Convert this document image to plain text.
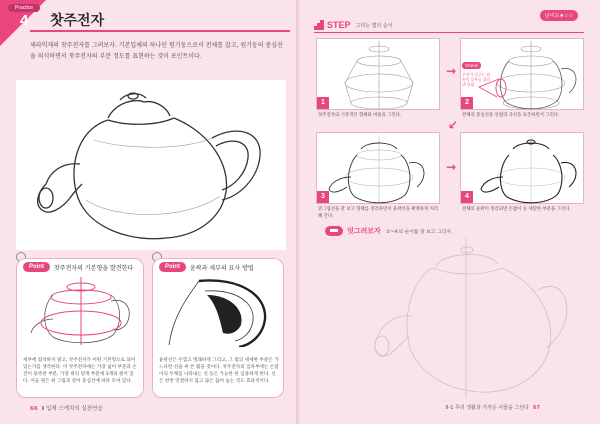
Practice
4	찻주전자
세라믹제의 찻주전자를 그려보자. 기본입체의 하나인 원기둥으로서 전체를 잡고, 원기둥의 중심선을 의식하면서 찻주전자의 부분 정도를 표현하는 것이 포인트이다.
Point	찻주전자의 기본형을 발견한다
세부에 집착하지 말고, 찻주전자가 어떤 기본형으로 되어 있는가를 생각한다. 이 찻주전자에는 가장 넓어 부분과 손견이 풍족한 부분, 가장 위의 덮개 부분에 3개의 원이 있다. 이들 원은 위 그림과 같이 중심선에 따라 모여 있다.
Point	윤곽과 세부의 묘사 방법
윤곽선은 두껍고 명쾌하게 그리고, 그 밖의 세세한 부분은 가느다란 선을 써 쓴 뭘을 것이다. 찻주전자의 입차부에는 손잡이의 두께를 나타내는 선 등은 가능한 한 심플하게 한다. 선은 한번 연결하지 않고 끊은 끊어 놓는 것도 효과적이다.
66 Ⅱ 입체 스케치의 실천연습
난이도★☆☆
STEP 그리는 법의 순서
1
찻주전자의 기본적인 형태와 비율을 그린다.
→
2
Check
주전자 입구는 원통의 일부를 잘라낸 형태
전체의 중심선을 일필의 곡선을 보존하면서 그린다.
↙
3
밑그림선을 잘 보고 형태를 정리하면서 윤곽선을 확정하게 처리해 간다.
→
4
전체의 윤곽이 정리되면 손잡이 등 세밀한 부분을 그린다.
덧그려보자 ①~④의 순서를 잘 보고 그리자.
Ⅱ-1 무리 생활과 가까운 사물을 그린다 67
